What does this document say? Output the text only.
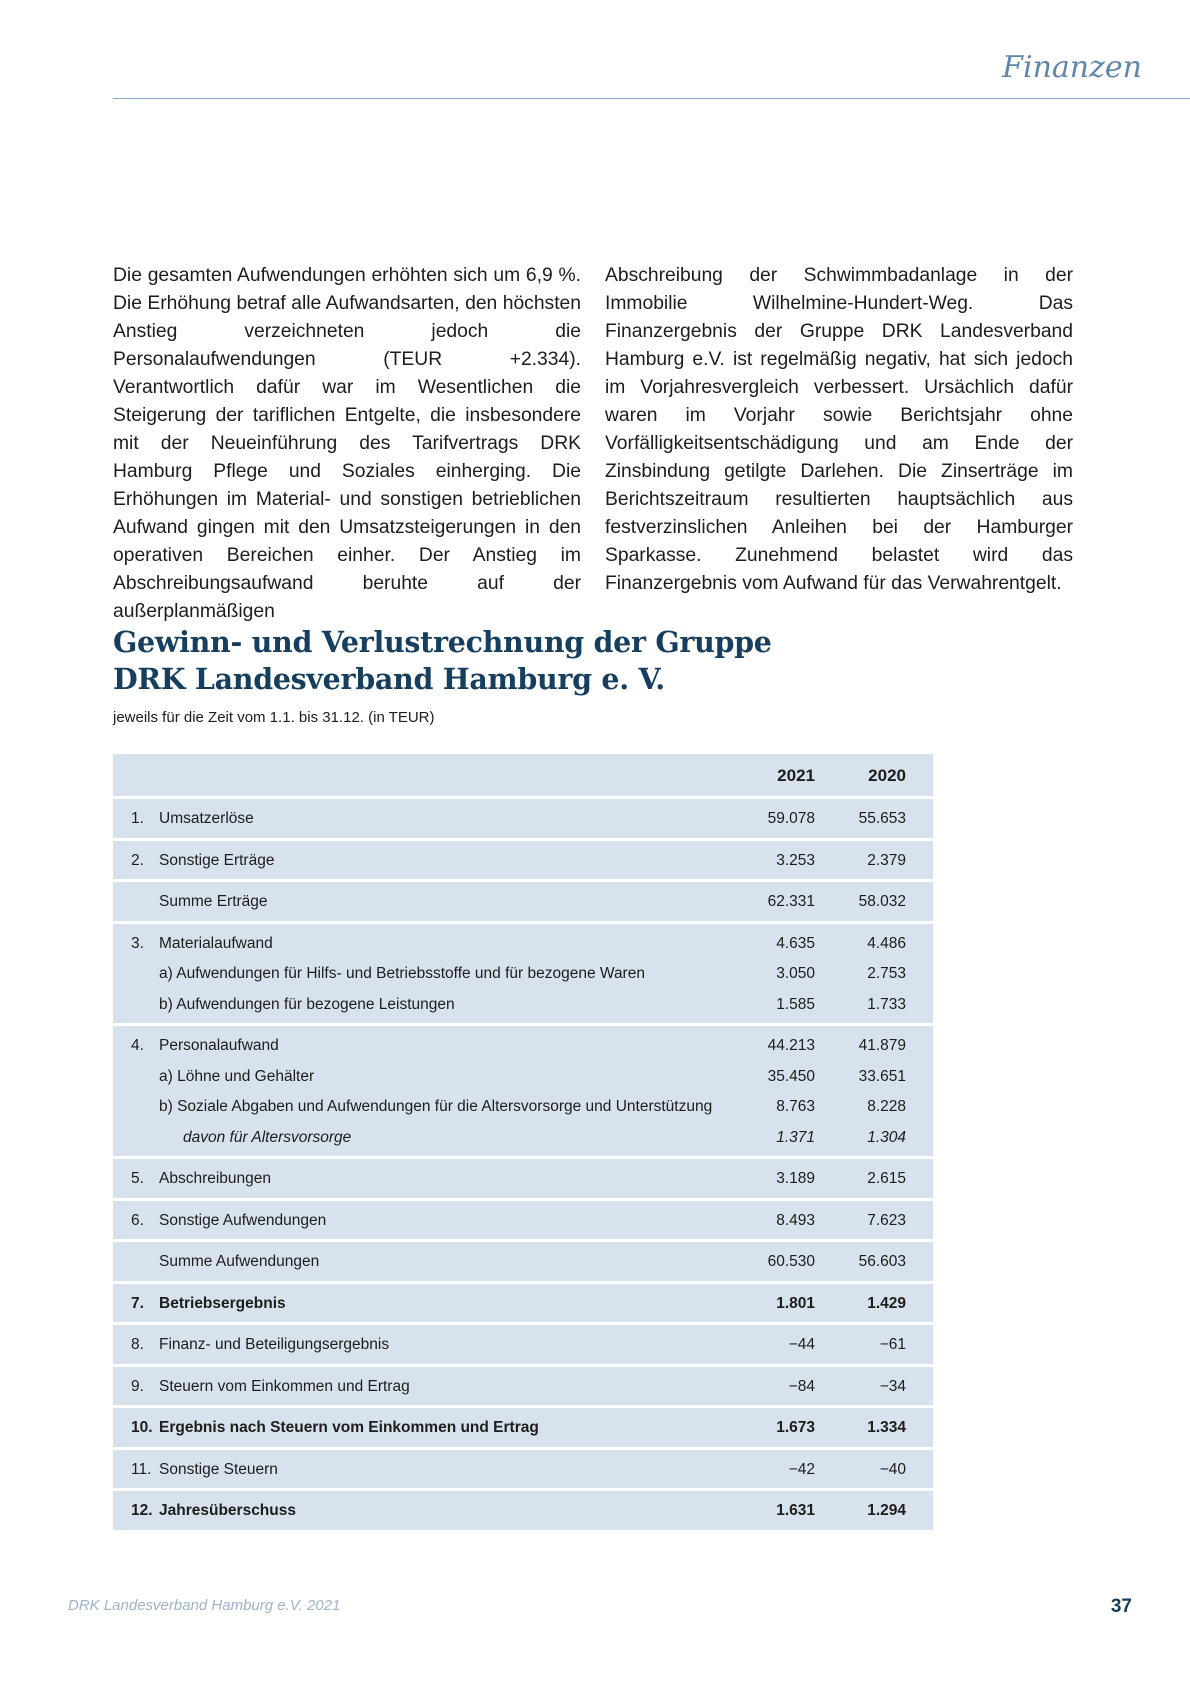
Finanzen

Die gesamten Aufwendungen erhöhten sich um 6,9 %. Die Erhöhung betraf alle Aufwandsarten, den höchsten Anstieg verzeichneten jedoch die Personalaufwendungen (TEUR +2.334). Verantwortlich dafür war im Wesentlichen die Steigerung der tariflichen Entgelte, die insbesondere mit der Neueinführung des Tarifvertrags DRK Hamburg Pflege und Soziales einherging. Die Erhöhungen im Material- und sonstigen betrieblichen Aufwand gingen mit den Umsatzsteigerungen in den operativen Bereichen einher. Der Anstieg im Abschreibungsaufwand beruhte auf der außerplanmäßigen

Abschreibung der Schwimmbadanlage in der Immobilie Wilhelmine-Hundert-Weg. Das Finanzergebnis der Gruppe DRK Landesverband Hamburg e.V. ist regelmäßig negativ, hat sich jedoch im Vorjahresvergleich verbessert. Ursächlich dafür waren im Vorjahr sowie Berichtsjahr ohne Vorfälligkeitsentschädigung und am Ende der Zinsbindung getilgte Darlehen. Die Zinserträge im Berichtszeitraum resultierten hauptsächlich aus festverzinslichen Anleihen bei der Hamburger Sparkasse. Zunehmend belastet wird das Finanzergebnis vom Aufwand für das Verwahrentgelt.

Gewinn- und Verlustrechnung der Gruppe
DRK Landesverband Hamburg e. V.

jeweils für die Zeit vom 1.1. bis 31.12. (in TEUR)

2021	2020
1. Umsatzerlöse	59.078	55.653
2. Sonstige Erträge	3.253	2.379
Summe Erträge	62.331	58.032
3. Materialaufwand	4.635	4.486
a) Aufwendungen für Hilfs- und Betriebsstoffe und für bezogene Waren	3.050	2.753
b) Aufwendungen für bezogene Leistungen	1.585	1.733
4. Personalaufwand	44.213	41.879
a) Löhne und Gehälter	35.450	33.651
b) Soziale Abgaben und Aufwendungen für die Altersvorsorge und Unterstützung	8.763	8.228
davon für Altersvorsorge	1.371	1.304
5. Abschreibungen	3.189	2.615
6. Sonstige Aufwendungen	8.493	7.623
Summe Aufwendungen	60.530	56.603
7. Betriebsergebnis	1.801	1.429
8. Finanz- und Beteiligungsergebnis	−44	−61
9. Steuern vom Einkommen und Ertrag	−84	−34
10. Ergebnis nach Steuern vom Einkommen und Ertrag	1.673	1.334
11. Sonstige Steuern	−42	−40
12. Jahresüberschuss	1.631	1.294

DRK Landesverband Hamburg e.V. 2021	37
